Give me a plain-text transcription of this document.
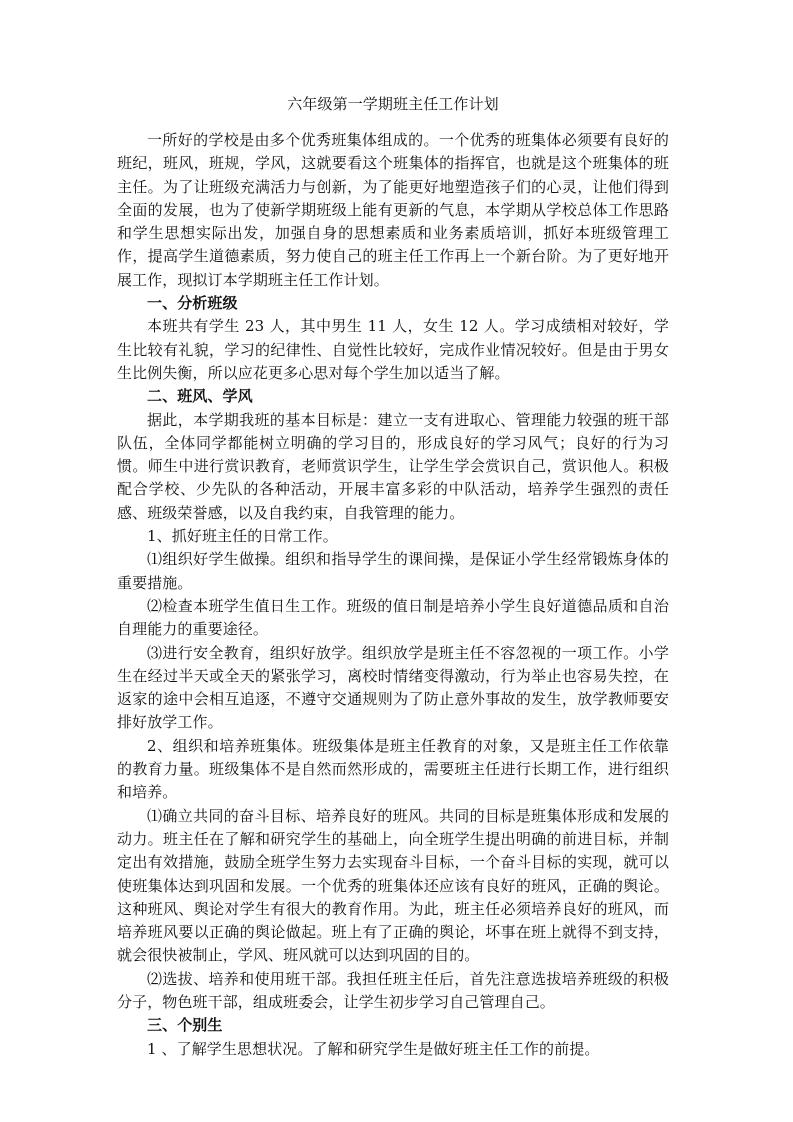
六年级第一学期班主任工作计划

一所好的学校是由多个优秀班集体组成的。一个优秀的班集体必须要有良好的班纪，班风，班规，学风，这就要看这个班集体的指挥官，也就是这个班集体的班主任。为了让班级充满活力与创新，为了能更好地塑造孩子们的心灵，让他们得到全面的发展，也为了使新学期班级上能有更新的气息，本学期从学校总体工作思路和学生思想实际出发，加强自身的思想素质和业务素质培训，抓好本班级管理工作，提高学生道德素质，努力使自己的班主任工作再上一个新台阶。为了更好地开展工作，现拟订本学期班主任工作计划。

一、分析班级

本班共有学生 23 人，其中男生 11 人，女生 12 人。学习成绩相对较好，学生比较有礼貌，学习的纪律性、自觉性比较好，完成作业情况较好。但是由于男女生比例失衡，所以应花更多心思对每个学生加以适当了解。

二、班风、学风

据此，本学期我班的基本目标是：建立一支有进取心、管理能力较强的班干部队伍，全体同学都能树立明确的学习目的，形成良好的学习风气；良好的行为习惯。师生中进行赏识教育，老师赏识学生，让学生学会赏识自己，赏识他人。积极配合学校、少先队的各种活动，开展丰富多彩的中队活动，培养学生强烈的责任感、班级荣誉感，以及自我约束，自我管理的能力。

1、抓好班主任的日常工作。

⑴组织好学生做操。组织和指导学生的课间操，是保证小学生经常锻炼身体的重要措施。

⑵检查本班学生值日生工作。班级的值日制是培养小学生良好道德品质和自治自理能力的重要途径。

⑶进行安全教育，组织好放学。组织放学是班主任不容忽视的一项工作。小学生在经过半天或全天的紧张学习，离校时情绪变得激动，行为举止也容易失控，在返家的途中会相互追逐，不遵守交通规则为了防止意外事故的发生，放学教师要安排好放学工作。

2、组织和培养班集体。班级集体是班主任教育的对象，又是班主任工作依靠的教育力量。班级集体不是自然而然形成的，需要班主任进行长期工作，进行组织和培养。

⑴确立共同的奋斗目标、培养良好的班风。共同的目标是班集体形成和发展的动力。班主任在了解和研究学生的基础上，向全班学生提出明确的前进目标，并制定出有效措施，鼓励全班学生努力去实现奋斗目标，一个奋斗目标的实现，就可以使班集体达到巩固和发展。一个优秀的班集体还应该有良好的班风，正确的舆论。这种班风、舆论对学生有很大的教育作用。为此，班主任必须培养良好的班风，而培养班风要以正确的舆论做起。班上有了正确的舆论，坏事在班上就得不到支持，就会很快被制止，学风、班风就可以达到巩固的目的。

⑵选拔、培养和使用班干部。我担任班主任后，首先注意选拔培养班级的积极分子，物色班干部，组成班委会，让学生初步学习自己管理自己。

三、个别生

1 、了解学生思想状况。了解和研究学生是做好班主任工作的前提。
